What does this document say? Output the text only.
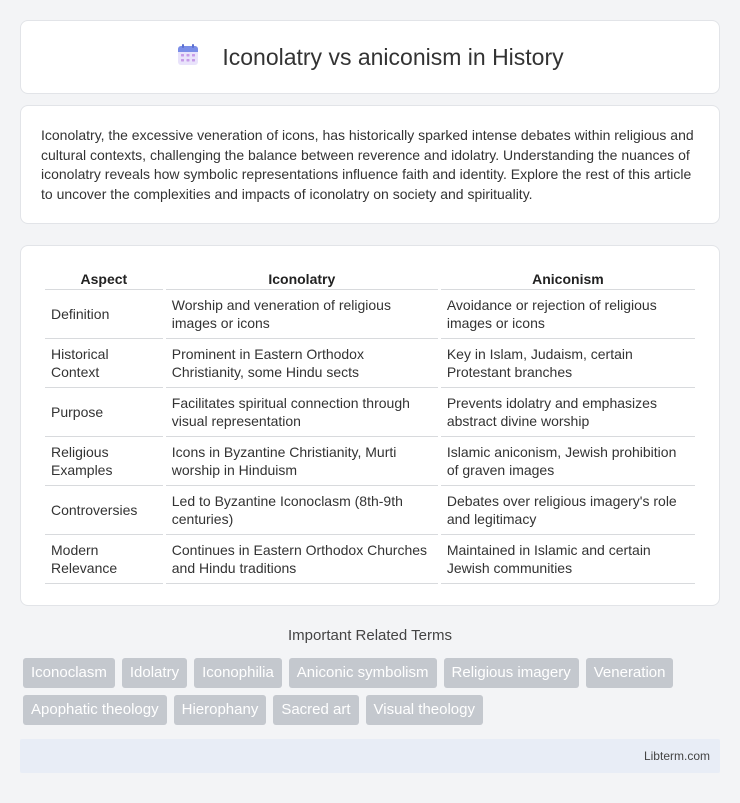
Iconolatry vs aniconism in History

Iconolatry, the excessive veneration of icons, has historically sparked intense debates within religious and cultural contexts, challenging the balance between reverence and idolatry. Understanding the nuances of iconolatry reveals how symbolic representations influence faith and identity. Explore the rest of this article to uncover the complexities and impacts of iconolatry on society and spirituality.

Aspect	Iconolatry	Aniconism
Definition	Worship and veneration of religious images or icons	Avoidance or rejection of religious images or icons
Historical Context	Prominent in Eastern Orthodox Christianity, some Hindu sects	Key in Islam, Judaism, certain Protestant branches
Purpose	Facilitates spiritual connection through visual representation	Prevents idolatry and emphasizes abstract divine worship
Religious Examples	Icons in Byzantine Christianity, Murti worship in Hinduism	Islamic aniconism, Jewish prohibition of graven images
Controversies	Led to Byzantine Iconoclasm (8th-9th centuries)	Debates over religious imagery's role and legitimacy
Modern Relevance	Continues in Eastern Orthodox Churches and Hindu traditions	Maintained in Islamic and certain Jewish communities
Important Related Terms
Iconoclasm	Idolatry	Iconophilia	Aniconic symbolism	Religious imagery	Veneration
Apophatic theology	Hierophany	Sacred art	Visual theology
Libterm.com
